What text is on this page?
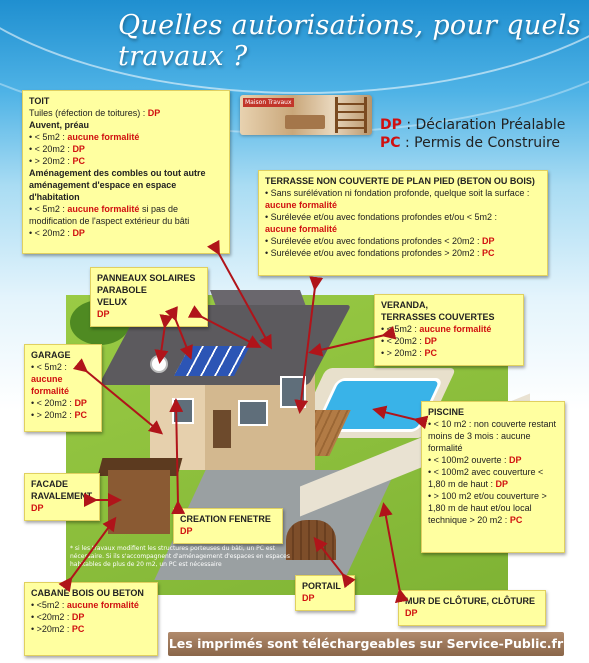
Quelles autorisations, pour quels travaux ?
Maison Travaux
DP : Déclaration Préalable
PC : Permis de Construire
* si les travaux modifient les structures porteuses du bâti, un PC est nécessaire. Si ils s'accompagnent d'aménagement d'espaces en espaces habitables de plus de 20 m2, un PC est nécessaire
TOIT
Tuiles (réfection de toitures) : DP
Auvent, préau
• < 5m2 : aucune formalité
• < 20m2 : DP
• > 20m2 : PC
Aménagement des combles ou tout autre aménagement d'espace en espace d'habitation
• < 5m2 : aucune formalité si pas de modification de l'aspect extérieur du bâti
• < 20m2 : DP
TERRASSE NON COUVERTE DE PLAN PIED (BETON OU BOIS)
• Sans surélévation ni fondation profonde, quelque soit la surface :
aucune formalité
• Surélevée et/ou avec fondations profondes et/ou < 5m2 :
aucune formalité
• Surélevée et/ou avec fondations profondes < 20m2 : DP
• Surélevée et/ou avec fondations profondes > 20m2 : PC
PANNEAUX SOLAIRES
PARABOLE
VELUX
DP
VERANDA,
TERRASSES COUVERTES
• < 5m2 : aucune formalité
• < 20m2 : DP
• > 20m2 : PC
GARAGE
• < 5m2 :
aucune formalité
• < 20m2 : DP
• > 20m2 : PC	PISCINE
• < 10 m2 : non couverte restant moins de 3 mois : aucune formalité
• < 100m2 ouverte : DP
• < 100m2 avec couverture < 1,80 m de haut : DP
• > 100 m2 et/ou couverture > 1,80 m de haut et/ou local technique > 20 m2 : PC
FACADE
RAVALEMENT
DP
CREATION FENETRE
DP
CABANE BOIS OU BETON
• <5m2 : aucune formalité
• <20m2 : DP
• >20m2 : PC
PORTAIL
DP	MUR DE CLÔTURE, CLÔTURE
DP
Les imprimés sont téléchargeables sur Service-Public.fr
